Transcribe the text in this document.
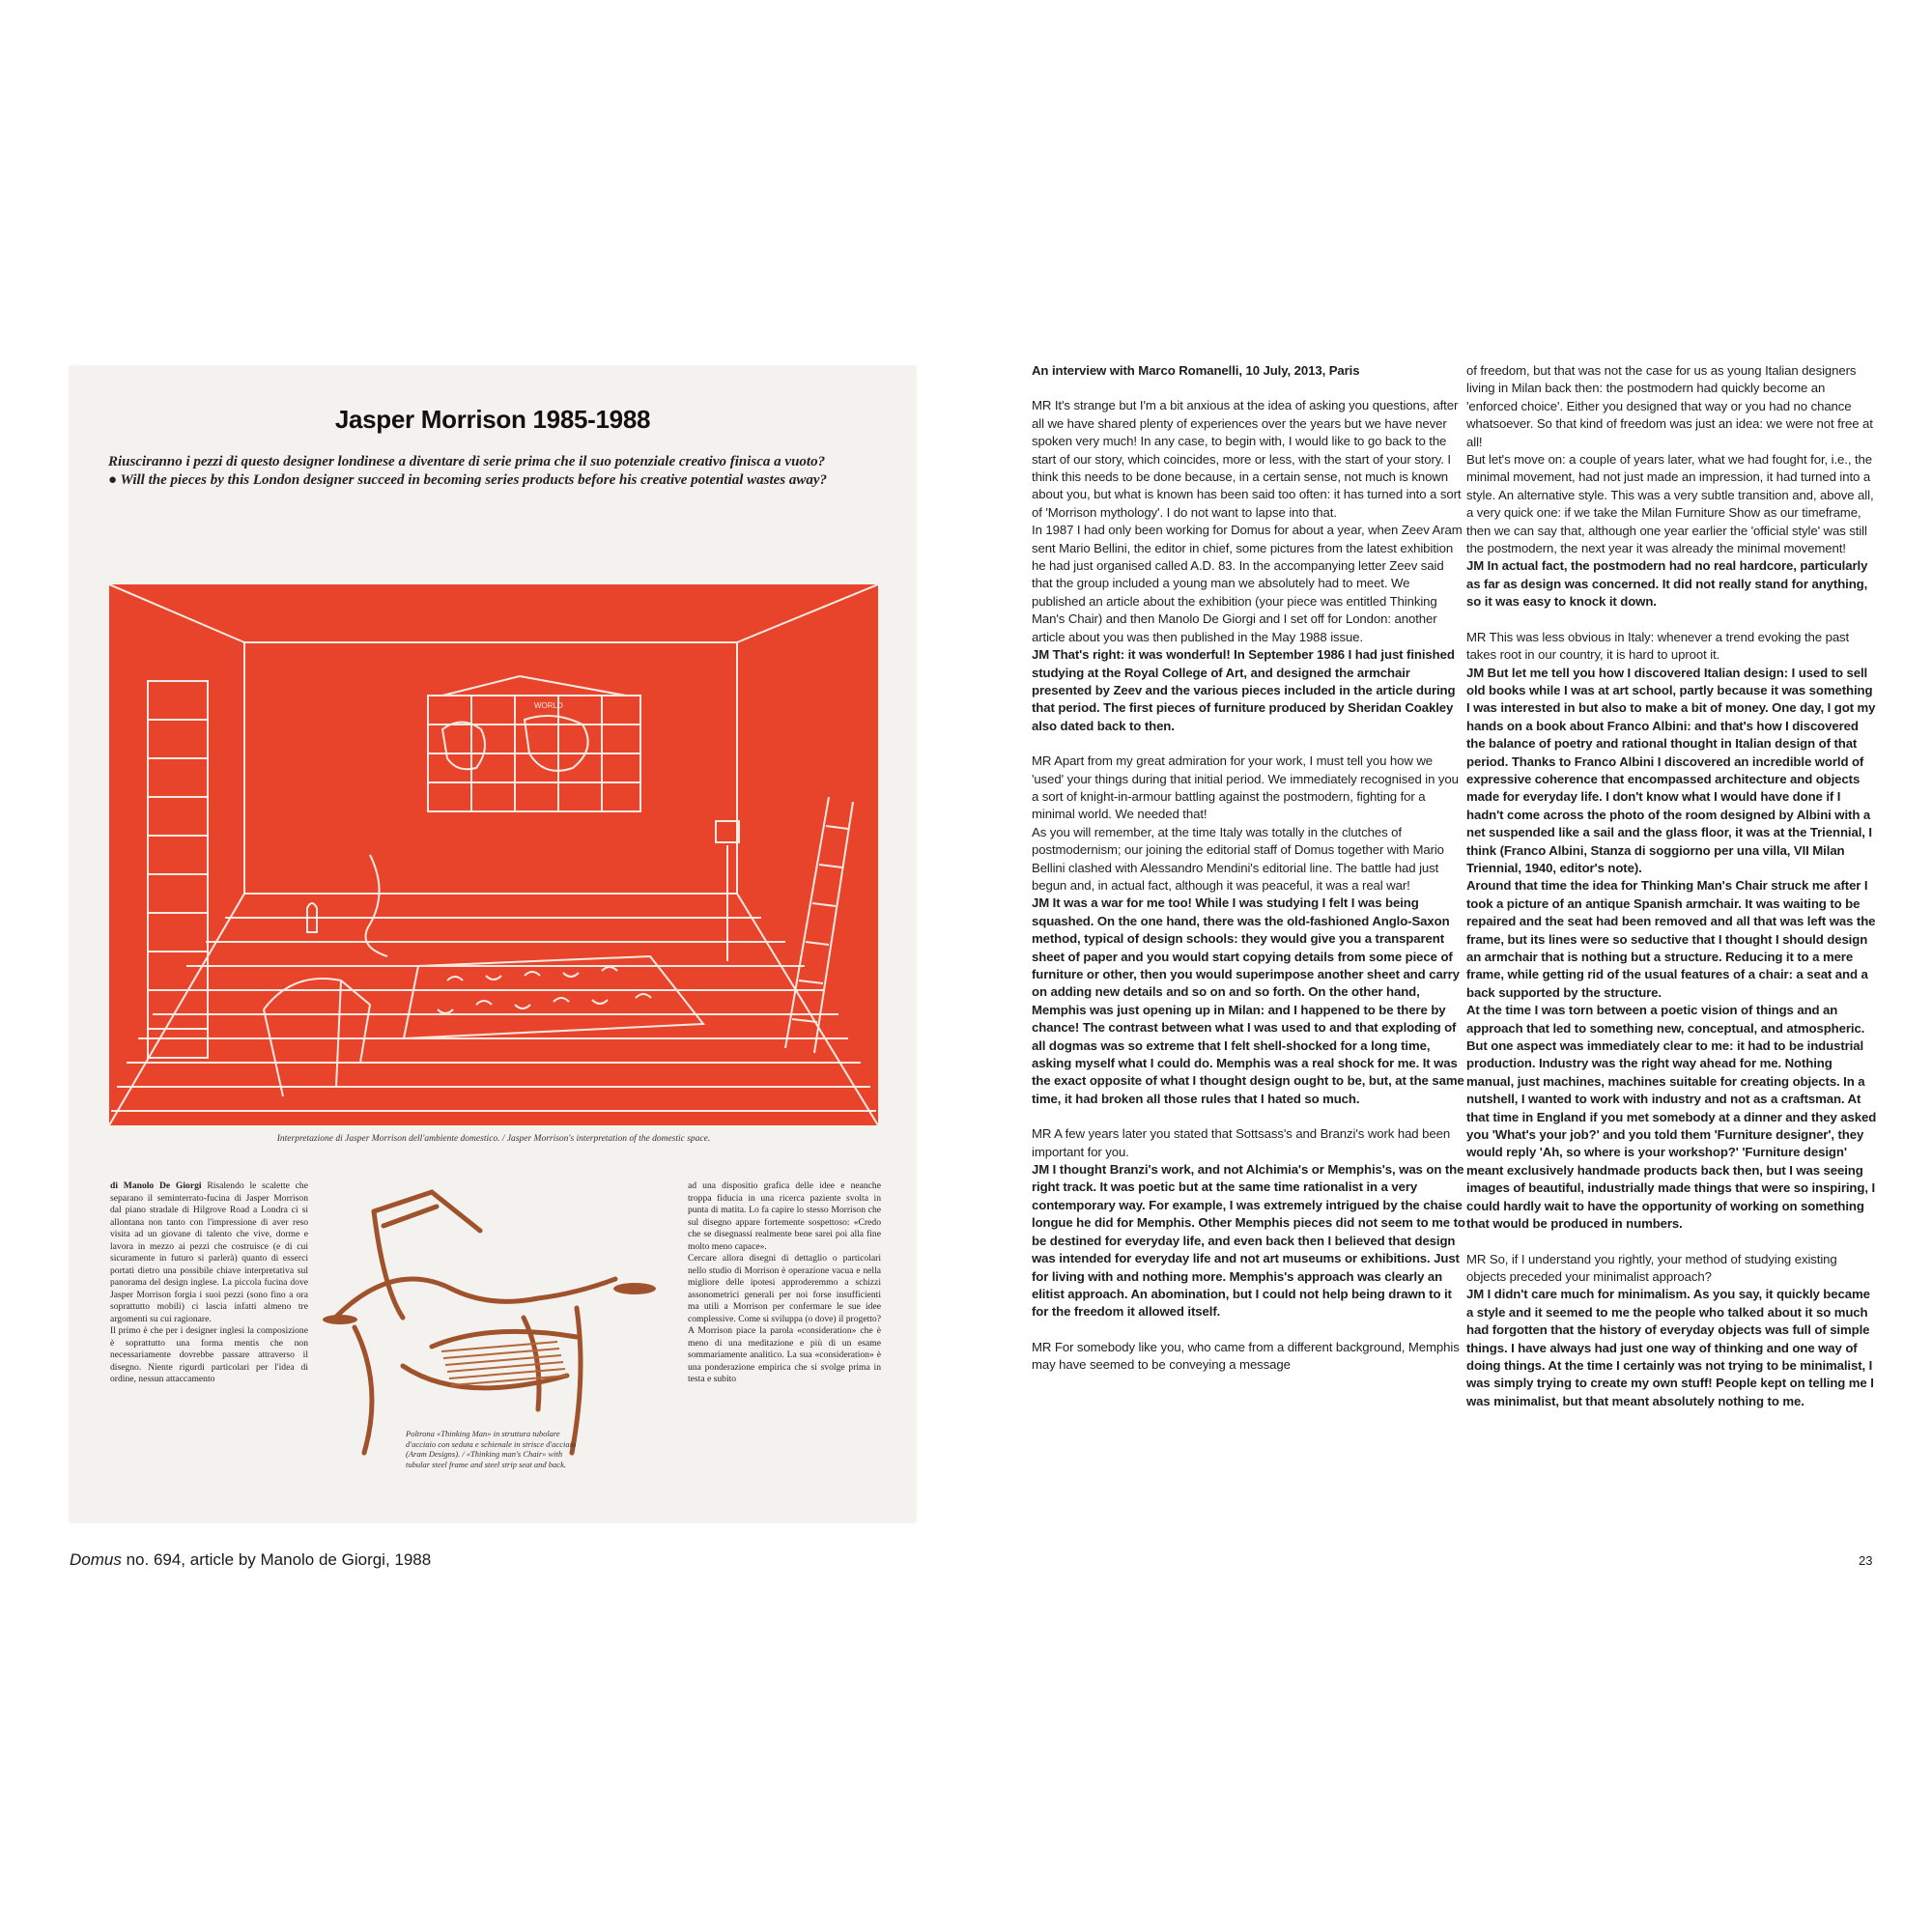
Jasper Morrison 1985-1988
Riusciranno i pezzi di questo designer londinese a diventare di serie prima che il suo potenziale creativo finisca a vuoto?
● Will the pieces by this London designer succeed in becoming series products before his creative potential wastes away?
WORLD
Interpretazione di Jasper Morrison dell'ambiente domestico. / Jasper Morrison's interpretation of the domestic space.
di Manolo De Giorgi Risalendo le scalette che separano il seminterrato-fucina di Jasper Morrison dal piano stradale di Hilgrove Road a Londra ci si allontana non tanto con l'impressione di aver reso visita ad un giovane di talento che vive, dorme e lavora in mezzo ai pezzi che costruisce (e di cui sicuramente in futuro si parlerà) quanto di esserci portati dietro una possibile chiave interpretativa sul panorama del design inglese. La piccola fucina dove Jasper Morrison forgia i suoi pezzi (sono fino a ora soprattutto mobili) ci lascia infatti almeno tre argomenti su cui ragionare.
Il primo è che per i designer inglesi la composizione è soprattutto una forma mentis che non necessariamente dovrebbe passare attraverso il disegno. Niente rigurdi particolari per l'idea di ordine, nessun attaccamento
Poltrona «Thinking Man» in struttura tubolare d'acciaio con seduta e schienale in strisce d'acciaio (Aram Designs). / «Thinking man's Chair» with tubular steel frame and steel strip seat and back.
ad una dispositio grafica delle idee e neanche troppa fiducia in una ricerca paziente svolta in punta di matita. Lo fa capire lo stesso Morrison che sul disegno appare fortemente sospettoso: «Credo che se disegnassi realmente bene sarei poi alla fine molto meno capace».
Cercare allora disegni di dettaglio o particolari nello studio di Morrison è operazione vacua e nella migliore delle ipotesi approderemmo a schizzi assonometrici generali per noi forse insufficienti ma utili a Morrison per confermare le sue idee complessive. Come si sviluppa (o dove) il progetto? A Morrison piace la parola «consideration» che è meno di una meditazione e più di un esame sommariamente analitico. La sua «consideration» è una ponderazione empirica che si svolge prima in testa e subito
Domus no. 694, article by Manolo de Giorgi, 1988

An interview with Marco Romanelli, 10 July, 2013, Paris

MR It's strange but I'm a bit anxious at the idea of asking you questions, after all we have shared plenty of experiences over the years but we have never spoken very much! In any case, to begin with, I would like to go back to the start of our story, which coincides, more or less, with the start of your story. I think this needs to be done because, in a certain sense, not much is known about you, but what is known has been said too often: it has turned into a sort of 'Morrison mythology'. I do not want to lapse into that.

In 1987 I had only been working for Domus for about a year, when Zeev Aram sent Mario Bellini, the editor in chief, some pictures from the latest exhibition he had just organised called A.D. 83. In the accompanying letter Zeev said that the group included a young man we absolutely had to meet. We published an article about the exhibition (your piece was entitled Thinking Man's Chair) and then Manolo De Giorgi and I set off for London: another article about you was then published in the May 1988 issue.

JM That's right: it was wonderful! In September 1986 I had just finished studying at the Royal College of Art, and designed the armchair presented by Zeev and the various pieces included in the article during that period. The first pieces of furniture produced by Sheridan Coakley also dated back to then.

MR Apart from my great admiration for your work, I must tell you how we 'used' your things during that initial period. We immediately recognised in you a sort of knight-in-armour battling against the postmodern, fighting for a minimal world. We needed that!

As you will remember, at the time Italy was totally in the clutches of postmodernism; our joining the editorial staff of Domus together with Mario Bellini clashed with Alessandro Mendini's editorial line. The battle had just begun and, in actual fact, although it was peaceful, it was a real war!

JM It was a war for me too! While I was studying I felt I was being squashed. On the one hand, there was the old-fashioned Anglo-Saxon method, typical of design schools: they would give you a transparent sheet of paper and you would start copying details from some piece of furniture or other, then you would superimpose another sheet and carry on adding new details and so on and so forth. On the other hand, Memphis was just opening up in Milan: and I happened to be there by chance! The contrast between what I was used to and that exploding of all dogmas was so extreme that I felt shell-shocked for a long time, asking myself what I could do. Memphis was a real shock for me. It was the exact opposite of what I thought design ought to be, but, at the same time, it had broken all those rules that I hated so much.

MR A few years later you stated that Sottsass's and Branzi's work had been important for you.

JM I thought Branzi's work, and not Alchimia's or Memphis's, was on the right track. It was poetic but at the same time rationalist in a very contemporary way. For example, I was extremely intrigued by the chaise longue he did for Memphis. Other Memphis pieces did not seem to me to be destined for everyday life, and even back then I believed that design was intended for everyday life and not art museums or exhibitions. Just for living with and nothing more. Memphis's approach was clearly an elitist approach. An abomination, but I could not help being drawn to it for the freedom it allowed itself.

MR For somebody like you, who came from a different background, Memphis may have seemed to be conveying a message

of freedom, but that was not the case for us as young Italian designers living in Milan back then: the postmodern had quickly become an 'enforced choice'. Either you designed that way or you had no chance whatsoever. So that kind of freedom was just an idea: we were not free at all!

But let's move on: a couple of years later, what we had fought for, i.e., the minimal movement, had not just made an impression, it had turned into a style. An alternative style. This was a very subtle transition and, above all, a very quick one: if we take the Milan Furniture Show as our timeframe, then we can say that, although one year earlier the 'official style' was still the postmodern, the next year it was already the minimal movement!

JM In actual fact, the postmodern had no real hardcore, particularly as far as design was concerned. It did not really stand for anything, so it was easy to knock it down.

MR This was less obvious in Italy: whenever a trend evoking the past takes root in our country, it is hard to uproot it.

JM But let me tell you how I discovered Italian design: I used to sell old books while I was at art school, partly because it was something I was interested in but also to make a bit of money. One day, I got my hands on a book about Franco Albini: and that's how I discovered the balance of poetry and rational thought in Italian design of that period. Thanks to Franco Albini I discovered an incredible world of expressive coherence that encompassed architecture and objects made for everyday life. I don't know what I would have done if I hadn't come across the photo of the room designed by Albini with a net suspended like a sail and the glass floor, it was at the Triennial, I think (Franco Albini, Stanza di soggiorno per una villa, VII Milan Triennial, 1940, editor's note).

Around that time the idea for Thinking Man's Chair struck me after I took a picture of an antique Spanish armchair. It was waiting to be repaired and the seat had been removed and all that was left was the frame, but its lines were so seductive that I thought I should design an armchair that is nothing but a structure. Reducing it to a mere frame, while getting rid of the usual features of a chair: a seat and a back supported by the structure.

At the time I was torn between a poetic vision of things and an approach that led to something new, conceptual, and atmospheric. But one aspect was immediately clear to me: it had to be industrial production. Industry was the right way ahead for me. Nothing manual, just machines, machines suitable for creating objects. In a nutshell, I wanted to work with industry and not as a craftsman. At that time in England if you met somebody at a dinner and they asked you 'What's your job?' and you told them 'Furniture designer', they would reply 'Ah, so where is your workshop?' 'Furniture design' meant exclusively handmade products back then, but I was seeing images of beautiful, industrially made things that were so inspiring, I could hardly wait to have the opportunity of working on something that would be produced in numbers.

MR So, if I understand you rightly, your method of studying existing objects preceded your minimalist approach?

JM I didn't care much for minimalism. As you say, it quickly became a style and it seemed to me the people who talked about it so much had forgotten that the history of everyday objects was full of simple things. I have always had just one way of thinking and one way of doing things. At the time I certainly was not trying to be minimalist, I was simply trying to create my own stuff! People kept on telling me I was minimalist, but that meant absolutely nothing to me.

23
